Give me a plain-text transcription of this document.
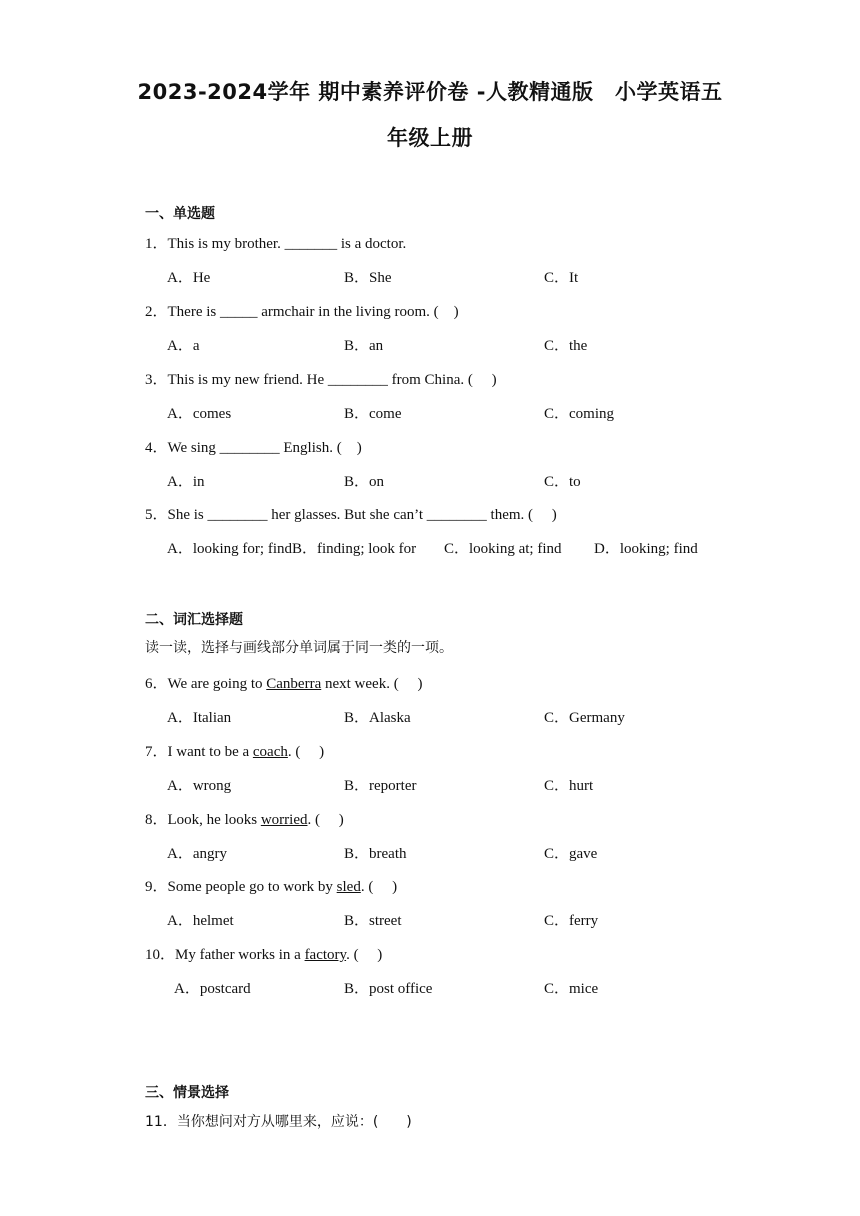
2023-2024学年 期中素养评价卷 -人教精通版　小学英语五
年级上册
一、单选题
1．This is my brother. _______ is a doctor.
A．He	B．She	C．It
2．There is _____ armchair in the living room. (　)
A．a	B．an	C．the
3．This is my new friend. He ________ from China. (　 )
A．comes	B．come	C．coming
4．We sing ________ English. (　)
A．in	B．on	C．to
5．She is ________ her glasses. But she can’t ________ them. (　 )
A．looking for; find B．finding; look for C．looking at; find D．looking; find
二、词汇选择题
读一读，选择与画线部分单词属于同一类的一项。
6．We are going to Canberra next week. (　 )
A．Italian	B．Alaska	C．Germany
7．I want to be a coach. (　 )
A．wrong	B．reporter	C．hurt
8．Look, he looks worried. (　 )
A．angry	B．breath	C．gave
9．Some people go to work by sled. (　 )
A．helmet	B．street	C．ferry
10．My father works in a factory. (　 )
A．postcard	B．post office	C．mice
三、情景选择
11．当你想问对方从哪里来，应说：(　　)
